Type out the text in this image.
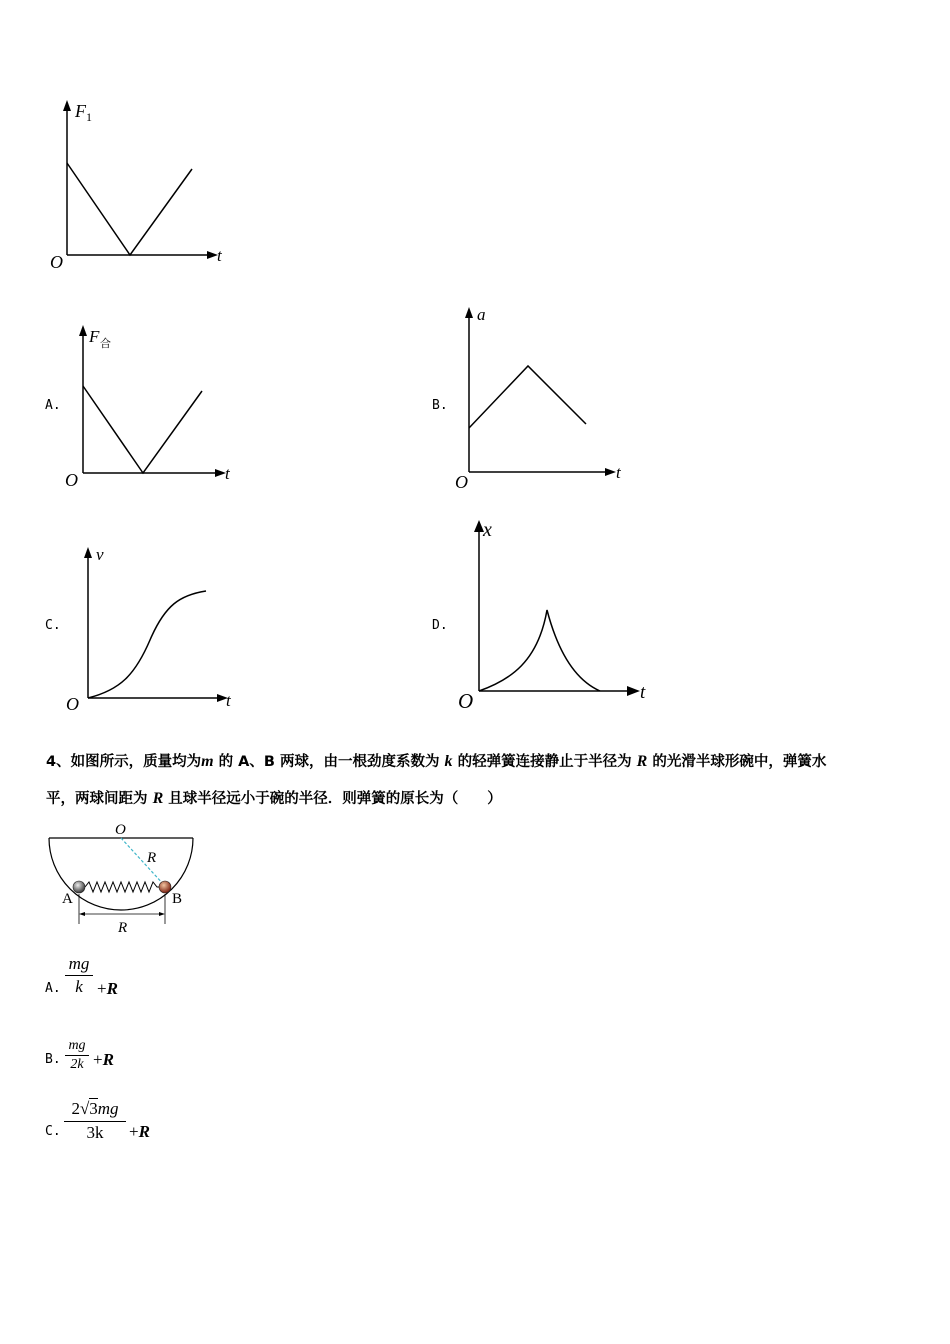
F 1
t
O
A.
F 合
t
O
B.
a
t
O
C.
v
t
O
D.
x
t
O
4、如图所示，质量均为m 的 A、B 两球，由一根劲度系数为 k 的轻弹簧连接静止于半径为 R 的光滑半球形碗中，弹簧水
平，两球间距为 R 且球半径远小于碗的半径．则弹簧的原长为（　　）
O
R
A	B
R
A.
mg
k +R
B.
mg
2k +R
C.
2√3mg
3k	+R
